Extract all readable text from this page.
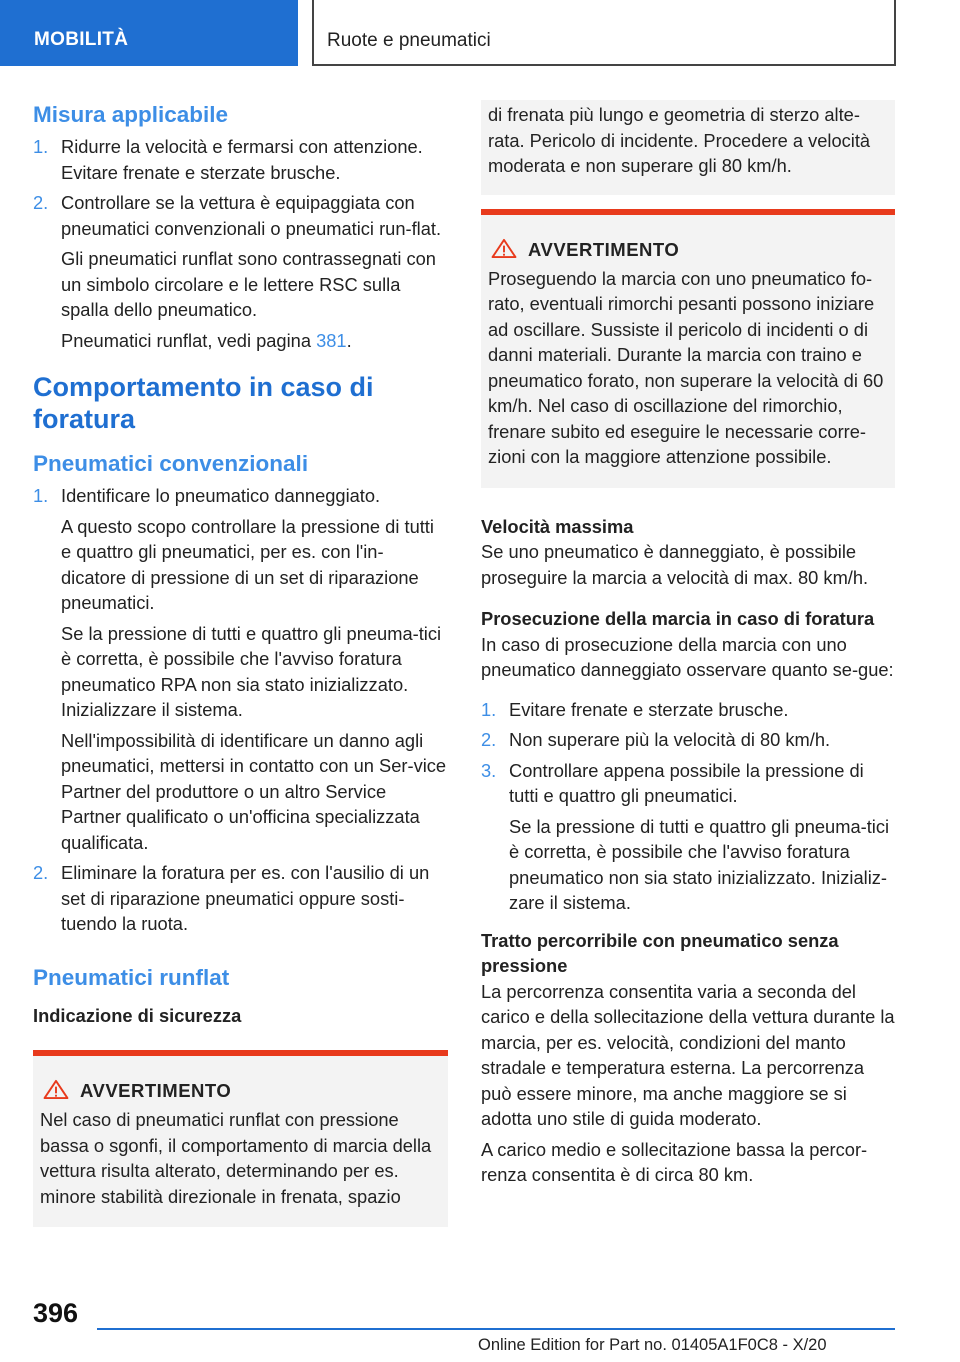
MOBILITÀ	Ruote e pneumatici
Misura applicabile
1. Ridurre la velocità e fermarsi con attenzione. Evitare frenate e sterzate brusche.
2. Controllare se la vettura è equipaggiata con pneumatici convenzionali o pneumatici run-flat.
Gli pneumatici runflat sono contrassegnati con un simbolo circolare e le lettere RSC sulla spalla dello pneumatico.
Pneumatici runflat, vedi pagina 381.
Comportamento in caso di foratura
Pneumatici convenzionali
1. Identificare lo pneumatico danneggiato.
A questo scopo controllare la pressione di tutti e quattro gli pneumatici, per es. con l'in-dicatore di pressione di un set di riparazione pneumatici.
Se la pressione di tutti e quattro gli pneuma-tici è corretta, è possibile che l'avviso foratura pneumatico RPA non sia stato inizializzato. Inizializzare il sistema.
Nell'impossibilità di identificare un danno agli pneumatici, mettersi in contatto con un Ser-vice Partner del produttore o un altro Service Partner qualificato o un'officina specializzata qualificata.
2. Eliminare la foratura per es. con l'ausilio di un set di riparazione pneumatici oppure sosti-tuendo la ruota.
Pneumatici runflat
Indicazione di sicurezza
AVVERTIMENTO
Nel caso di pneumatici runflat con pressione bassa o sgonfi, il comportamento di marcia della vettura risulta alterato, determinando per es. minore stabilità direzionale in frenata, spazio
di frenata più lungo e geometria di sterzo alte-rata. Pericolo di incidente. Procedere a velocità moderata e non superare gli 80 km/h.
AVVERTIMENTO
Proseguendo la marcia con uno pneumatico fo-rato, eventuali rimorchi pesanti possono iniziare ad oscillare. Sussiste il pericolo di incidenti o di danni materiali. Durante la marcia con traino e pneumatico forato, non superare la velocità di 60 km/h. Nel caso di oscillazione del rimorchio, frenare subito ed eseguire le necessarie corre-zioni con la maggiore attenzione possibile.
Velocità massima
Se uno pneumatico è danneggiato, è possibile proseguire la marcia a velocità di max. 80 km/h.
Prosecuzione della marcia in caso di foratura
In caso di prosecuzione della marcia con uno pneumatico danneggiato osservare quanto se-gue:
1. Evitare frenate e sterzate brusche.
2. Non superare più la velocità di 80 km/h.
3. Controllare appena possibile la pressione di tutti e quattro gli pneumatici.
Se la pressione di tutti e quattro gli pneuma-tici è corretta, è possibile che l'avviso foratura pneumatico non sia stato inizializzato. Inizializ-zare il sistema.
Tratto percorribile con pneumatico senza pressione
La percorrenza consentita varia a seconda del carico e della sollecitazione della vettura durante la marcia, per es. velocità, condizioni del manto stradale e temperatura esterna. La percorrenza può essere minore, ma anche maggiore se si adotta uno stile di guida moderato.
A carico medio e sollecitazione bassa la percor-renza consentita è di circa 80 km.
396
Online Edition for Part no. 01405A1F0C8 - X/20
